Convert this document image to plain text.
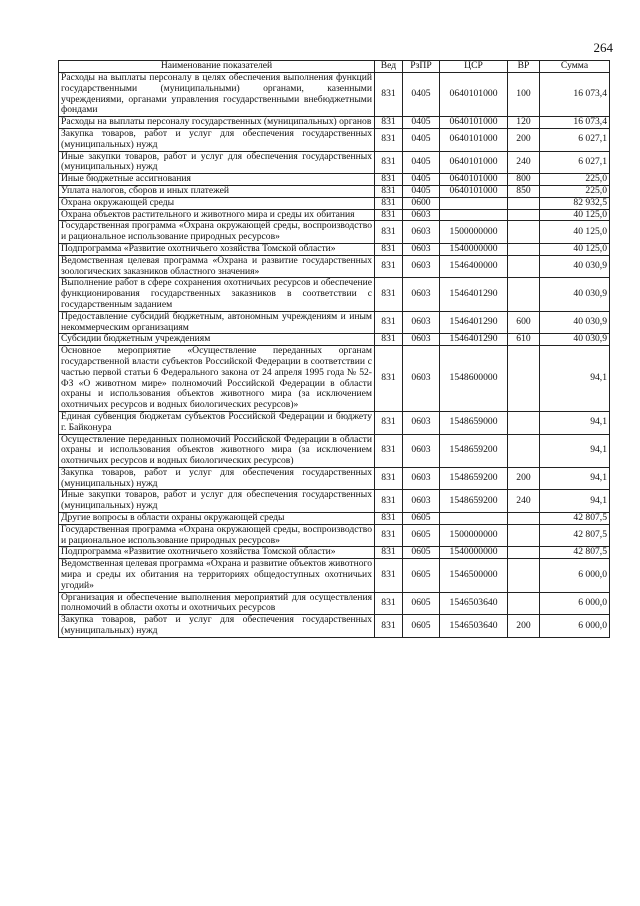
264
Наименование показателей	Вед	РзПР	ЦСР	ВР	Сумма
Расходы на выплаты персоналу в целях обеспечения выполнения функций государственными (муниципальными) органами, казенными учреждениями, органами управления государственными внебюджетными фондами	831	0405	0640101000	100	16 073,4
Расходы на выплаты персоналу государственных (муниципальных) органов	831	0405	0640101000	120	16 073,4
Закупка товаров, работ и услуг для обеспечения государственных (муниципальных) нужд	831	0405	0640101000	200	6 027,1
Иные закупки товаров, работ и услуг для обеспечения государственных (муниципальных) нужд	831	0405	0640101000	240	6 027,1
Иные бюджетные ассигнования	831	0405	0640101000	800	225,0
Уплата налогов, сборов и иных платежей	831	0405	0640101000	850	225,0
Охрана окружающей среды	831	0600			82 932,5
Охрана объектов растительного и животного мира и среды их обитания	831	0603			40 125,0
Государственная программа «Охрана окружающей среды, воспроизводство и рациональное использование природных ресурсов»	831	0603	1500000000		40 125,0
Подпрограмма «Развитие охотничьего хозяйства Томской области»	831	0603	1540000000		40 125,0
Ведомственная целевая программа «Охрана и развитие государственных зоологических заказников областного значения»	831	0603	1546400000		40 030,9
Выполнение работ в сфере сохранения охотничьих ресурсов и обеспечение функционирования государственных заказников в соответствии с государственным заданием	831	0603	1546401290		40 030,9
Предоставление субсидий бюджетным, автономным учреждениям и иным некоммерческим организациям	831	0603	1546401290	600	40 030,9
Субсидии бюджетным учреждениям	831	0603	1546401290	610	40 030,9
Основное мероприятие «Осуществление переданных органам государственной власти субъектов Российской Федерации в соответствии с частью первой статьи 6 Федерального закона от 24 апреля 1995 года № 52-ФЗ «О животном мире» полномочий Российской Федерации в области охраны и использования объектов животного мира (за исключением охотничьих ресурсов и водных биологических ресурсов)»	831	0603	1548600000		94,1
Единая субвенция бюджетам субъектов Российской Федерации и бюджету г. Байконура	831	0603	1548659000		94,1
Осуществление переданных полномочий Российской Федерации в области охраны и использования объектов животного мира (за исключением охотничьих ресурсов и водных биологических ресурсов)	831	0603	1548659200		94,1
Закупка товаров, работ и услуг для обеспечения государственных (муниципальных) нужд	831	0603	1548659200	200	94,1
Иные закупки товаров, работ и услуг для обеспечения государственных (муниципальных) нужд	831	0603	1548659200	240	94,1
Другие вопросы в области охраны окружающей среды	831	0605			42 807,5
Государственная программа «Охрана окружающей среды, воспроизводство и рациональное использование природных ресурсов»	831	0605	1500000000		42 807,5
Подпрограмма «Развитие охотничьего хозяйства Томской области»	831	0605	1540000000		42 807,5
Ведомственная целевая программа «Охрана и развитие объектов животного мира и среды их обитания на территориях общедоступных охотничьих угодий»	831	0605	1546500000		6 000,0
Организация и обеспечение выполнения мероприятий для осуществления полномочий в области охоты и охотничьих ресурсов	831	0605	1546503640		6 000,0
Закупка товаров, работ и услуг для обеспечения государственных (муниципальных) нужд	831	0605	1546503640	200	6 000,0
